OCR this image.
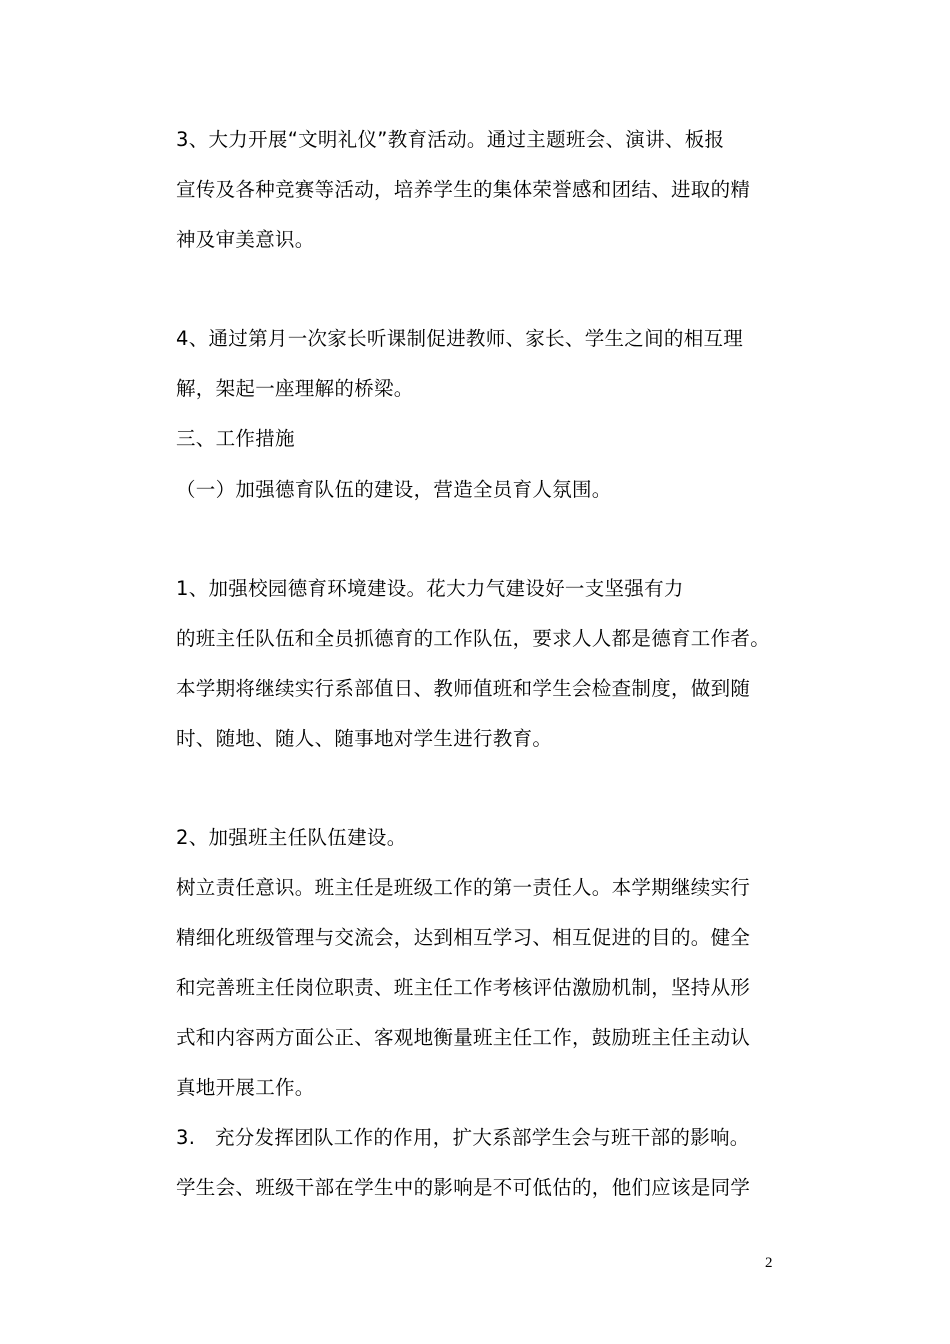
3、大力开展“文明礼仪”教育活动。通过主题班会、演讲、板报
宣传及各种竞赛等活动，培养学生的集体荣誉感和团结、进取的精
神及审美意识。
4、通过第月一次家长听课制促进教师、家长、学生之间的相互理
解，架起一座理解的桥梁。
三、工作措施
（一）加强德育队伍的建设，营造全员育人氛围。
1、加强校园德育环境建设。花大力气建设好一支坚强有力
的班主任队伍和全员抓德育的工作队伍，要求人人都是德育工作者。
本学期将继续实行系部值日、教师值班和学生会检查制度，做到随
时、随地、随人、随事地对学生进行教育。
2、加强班主任队伍建设。
树立责任意识。班主任是班级工作的第一责任人。本学期继续实行
精细化班级管理与交流会，达到相互学习、相互促进的目的。健全
和完善班主任岗位职责、班主任工作考核评估激励机制，坚持从形
式和内容两方面公正、客观地衡量班主任工作，鼓励班主任主动认
真地开展工作。
3.　充分发挥团队工作的作用，扩大系部学生会与班干部的影响。
学生会、班级干部在学生中的影响是不可低估的，他们应该是同学
2
